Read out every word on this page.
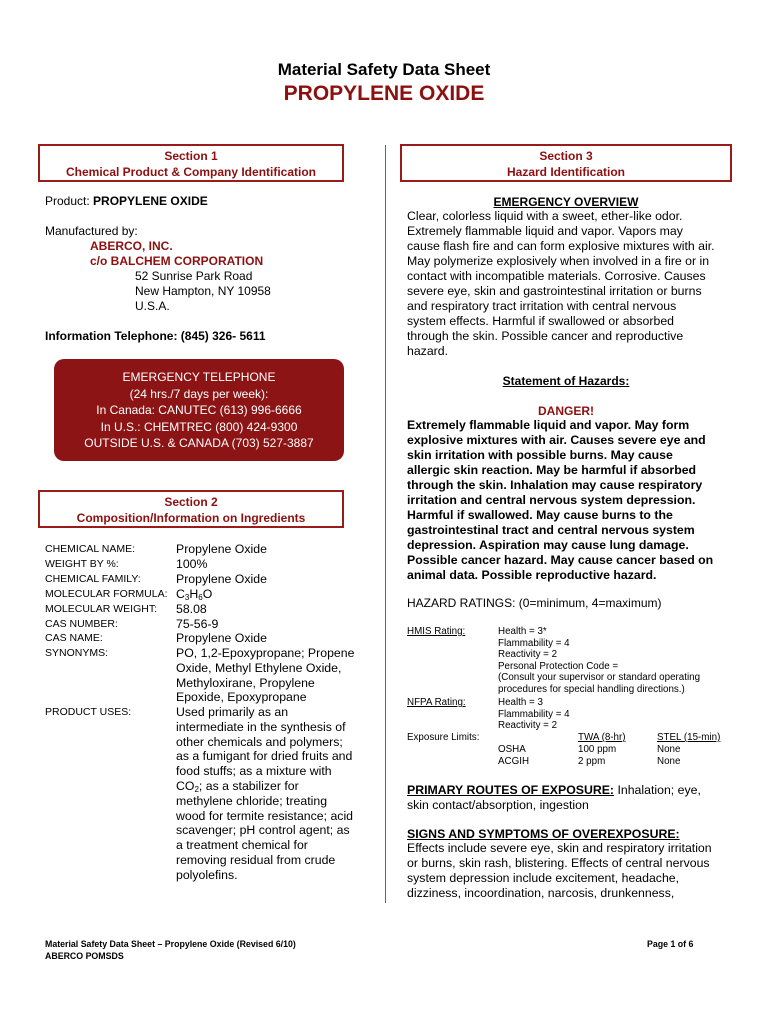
Material Safety Data Sheet
PROPYLENE OXIDE
Section 1
Chemical Product & Company Identification
Product: PROPYLENE OXIDE
Manufactured by:
ABERCO, INC.
c/o BALCHEM CORPORATION
52 Sunrise Park Road
New Hampton, NY 10958
U.S.A.
Information Telephone: (845) 326- 5611
EMERGENCY TELEPHONE
(24 hrs./7 days per week):
In Canada: CANUTEC (613) 996-6666
In U.S.: CHEMTREC (800) 424-9300
OUTSIDE U.S. & CANADA (703) 527-3887
Section 2
Composition/Information on Ingredients
CHEMICAL NAME:	Propylene Oxide
WEIGHT BY %:	100%
CHEMICAL FAMILY:	Propylene Oxide
MOLECULAR FORMULA: $C_3H_6O$
MOLECULAR WEIGHT: 58.08
CAS NUMBER:	75-56-9
CAS NAME:	Propylene Oxide
SYNONYMS:	PO, 1,2-Epoxypropane; Propene
Oxide, Methyl Ethylene Oxide,
Methyloxirane, Propylene
Epoxide, Epoxypropane
PRODUCT USES:	Used primarily as an
intermediate in the synthesis of
other chemicals and polymers;
as a fumigant for dried fruits and
food stuffs; as a mixture with
$CO_2$; as a stabilizer for
methylene chloride; treating
wood for termite resistance; acid
scavenger; pH control agent; as
a treatment chemical for
removing residual from crude
polyolefins.
Section 3
Hazard Identification
EMERGENCY OVERVIEW
Clear, colorless liquid with a sweet, ether-like odor.
Extremely flammable liquid and vapor. Vapors may
cause flash fire and can form explosive mixtures with air.
May polymerize explosively when involved in a fire or in
contact with incompatible materials. Corrosive. Causes
severe eye, skin and gastrointestinal irritation or burns
and respiratory tract irritation with central nervous
system effects. Harmful if swallowed or absorbed
through the skin. Possible cancer and reproductive
hazard.
Statement of Hazards:
DANGER!
Extremely flammable liquid and vapor. May form
explosive mixtures with air. Causes severe eye and
skin irritation with possible burns. May cause
allergic skin reaction. May be harmful if absorbed
through the skin. Inhalation may cause respiratory
irritation and central nervous system depression.
Harmful if swallowed. May cause burns to the
gastrointestinal tract and central nervous system
depression. Aspiration may cause lung damage.
Possible cancer hazard. May cause cancer based on
animal data. Possible reproductive hazard.
HAZARD RATINGS: (0=minimum, 4=maximum)
HMIS Rating:	Health = 3*
Flammability = 4
Reactivity = 2
Personal Protection Code =
(Consult your supervisor or standard operating
procedures for special handling directions.)
NFPA Rating:	Health = 3
Flammability = 4
Reactivity = 2
Exposure Limits:	TWA (8-hr)	STEL (15-min)
OSHA	100 ppm	None
ACGIH	2 ppm	None
PRIMARY ROUTES OF EXPOSURE: Inhalation; eye,
skin contact/absorption, ingestion
SIGNS AND SYMPTOMS OF OVEREXPOSURE:
Effects include severe eye, skin and respiratory irritation
or burns, skin rash, blistering. Effects of central nervous
system depression include excitement, headache,
dizziness, incoordination, narcosis, drunkenness,
Material Safety Data Sheet – Propylene Oxide (Revised 6/10)
ABERCO POMSDS
Page 1 of 6
